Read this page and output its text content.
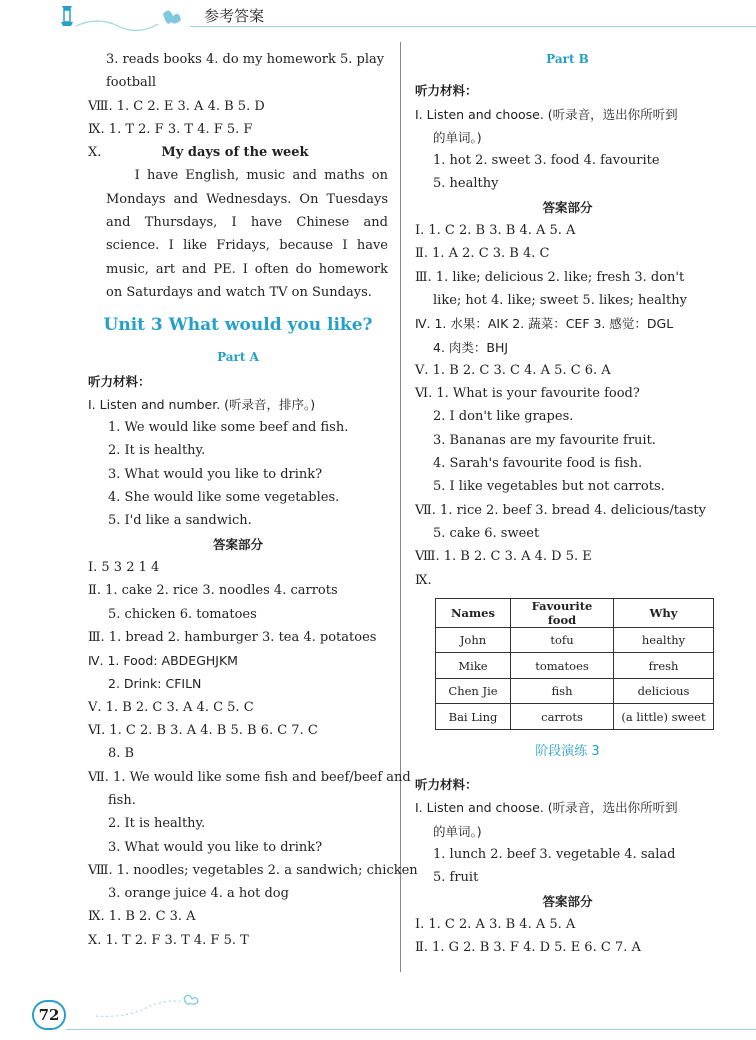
参考答案
3. reads books 4. do my homework 5. play
football
Ⅷ. 1. C 2. E 3. A 4. B 5. D
Ⅸ. 1. T 2. F 3. T 4. F 5. F
Ⅹ.	My days of the week
I have English, music and maths on Mondays and Wednesdays. On Tuesdays and Thursdays, I have Chinese and science. I like Fridays, because I have music, art and PE. I often do homework on Saturdays and watch TV on Sundays.
Unit 3 What would you like?
Part A
听力材料：
Ⅰ. Listen and number. (听录音，排序。)
1. We would like some beef and fish.
2. It is healthy.
3. What would you like to drink?
4. She would like some vegetables.
5. I'd like a sandwich.
答案部分
Ⅰ. 5 3 2 1 4
Ⅱ. 1. cake 2. rice 3. noodles 4. carrots
5. chicken 6. tomatoes
Ⅲ. 1. bread 2. hamburger 3. tea 4. potatoes
Ⅳ. 1. Food: ABDEGHJKM
2. Drink: CFILN
Ⅴ. 1. B 2. C 3. A 4. C 5. C
Ⅵ. 1. C 2. B 3. A 4. B 5. B 6. C 7. C
8. B
Ⅶ. 1. We would like some fish and beef/beef and
fish.
2. It is healthy.
3. What would you like to drink?
Ⅷ. 1. noodles; vegetables 2. a sandwich; chicken
3. orange juice 4. a hot dog
Ⅸ. 1. B 2. C 3. A
Ⅹ. 1. T 2. F 3. T 4. F 5. T
Part B
听力材料：
Ⅰ. Listen and choose. (听录音，选出你所听到
的单词。)
1. hot 2. sweet 3. food 4. favourite
5. healthy
答案部分
Ⅰ. 1. C 2. B 3. B 4. A 5. A
Ⅱ. 1. A 2. C 3. B 4. C
Ⅲ. 1. like; delicious 2. like; fresh 3. don't
like; hot 4. like; sweet 5. likes; healthy
Ⅳ. 1. 水果：AIK 2. 蔬菜：CEF 3. 感觉：DGL
4. 肉类：BHJ
Ⅴ. 1. B 2. C 3. C 4. A 5. C 6. A
Ⅵ. 1. What is your favourite food?
2. I don't like grapes.
3. Bananas are my favourite fruit.
4. Sarah's favourite food is fish.
5. I like vegetables but not carrots.
Ⅶ. 1. rice 2. beef 3. bread 4. delicious/tasty
5. cake 6. sweet
Ⅷ. 1. B 2. C 3. A 4. D 5. E
Ⅸ.
Names	Favourite food	Why
John	tofu	healthy
Mike	tomatoes	fresh
Chen Jie	fish	delicious
Bai Ling	carrots	(a little) sweet
阶段演练 3
听力材料：
Ⅰ. Listen and choose. (听录音，选出你所听到
的单词。)
1. lunch 2. beef 3. vegetable 4. salad
5. fruit
答案部分
Ⅰ. 1. C 2. A 3. B 4. A 5. A
Ⅱ. 1. G 2. B 3. F 4. D 5. E 6. C 7. A
72
